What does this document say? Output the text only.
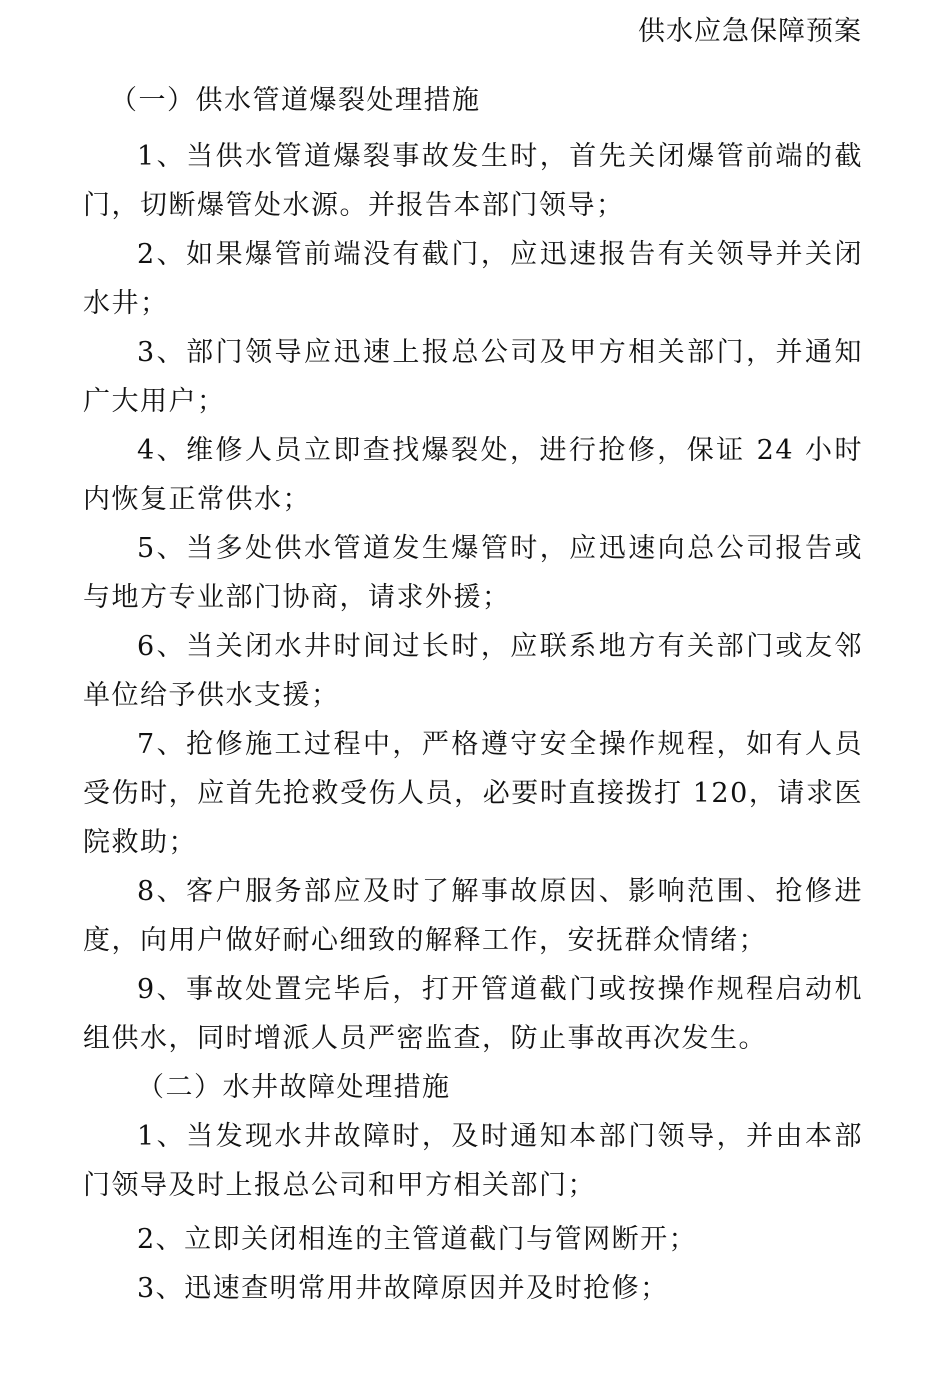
供水应急保障预案

（一）供水管道爆裂处理措施

1、当供水管道爆裂事故发生时，首先关闭爆管前端的截门，切断爆管处水源。并报告本部门领导；

2、如果爆管前端没有截门，应迅速报告有关领导并关闭水井；

3、部门领导应迅速上报总公司及甲方相关部门，并通知广大用户；

4、维修人员立即查找爆裂处，进行抢修，保证 24 小时内恢复正常供水；

5、当多处供水管道发生爆管时，应迅速向总公司报告或与地方专业部门协商，请求外援；

6、当关闭水井时间过长时，应联系地方有关部门或友邻单位给予供水支援；

7、抢修施工过程中，严格遵守安全操作规程，如有人员受伤时，应首先抢救受伤人员，必要时直接拨打 120，请求医院救助；

8、客户服务部应及时了解事故原因、影响范围、抢修进度，向用户做好耐心细致的解释工作，安抚群众情绪；

9、事故处置完毕后，打开管道截门或按操作规程启动机组供水，同时增派人员严密监查，防止事故再次发生。

（二）水井故障处理措施

1、当发现水井故障时，及时通知本部门领导，并由本部门领导及时上报总公司和甲方相关部门；

2、立即关闭相连的主管道截门与管网断开；

3、迅速查明常用井故障原因并及时抢修；
